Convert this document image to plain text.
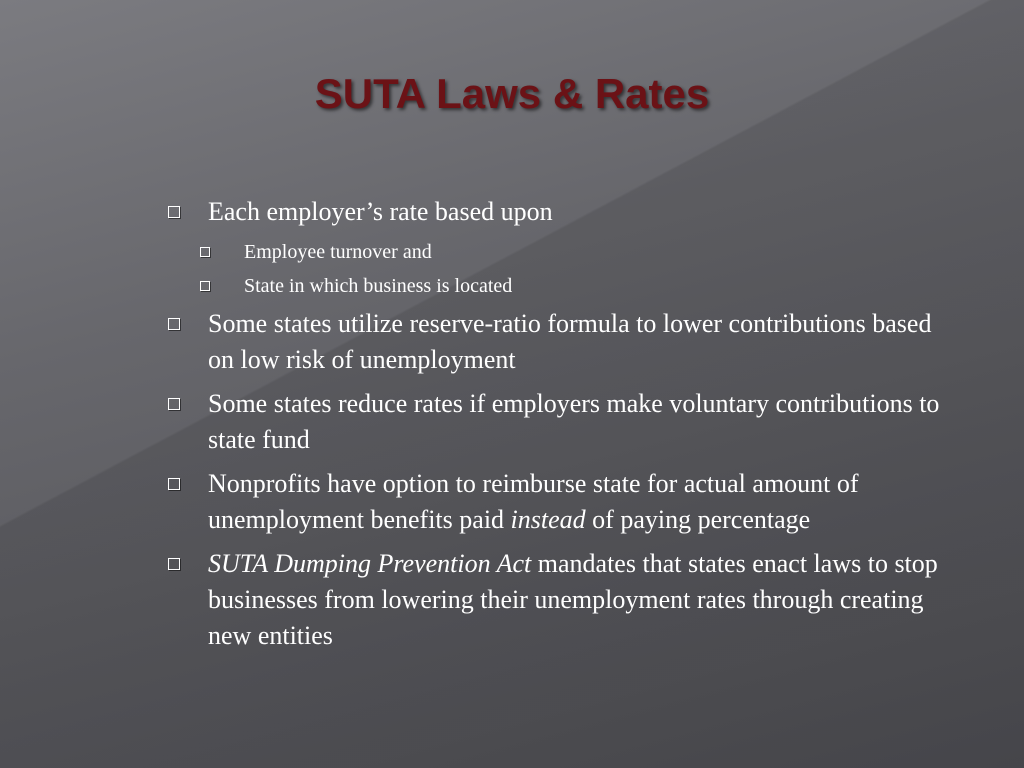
SUTA Laws & Rates
Each employer’s rate based upon
Employee turnover and
State in which business is located
Some states utilize reserve-ratio formula to lower contributions based on low risk of unemployment
Some states reduce rates if employers make voluntary contributions to state fund
Nonprofits have option to reimburse state for actual amount of unemployment benefits paid instead of paying percentage
SUTA Dumping Prevention Act mandates that states enact laws to stop businesses from lowering their unemployment rates through creating new entities
